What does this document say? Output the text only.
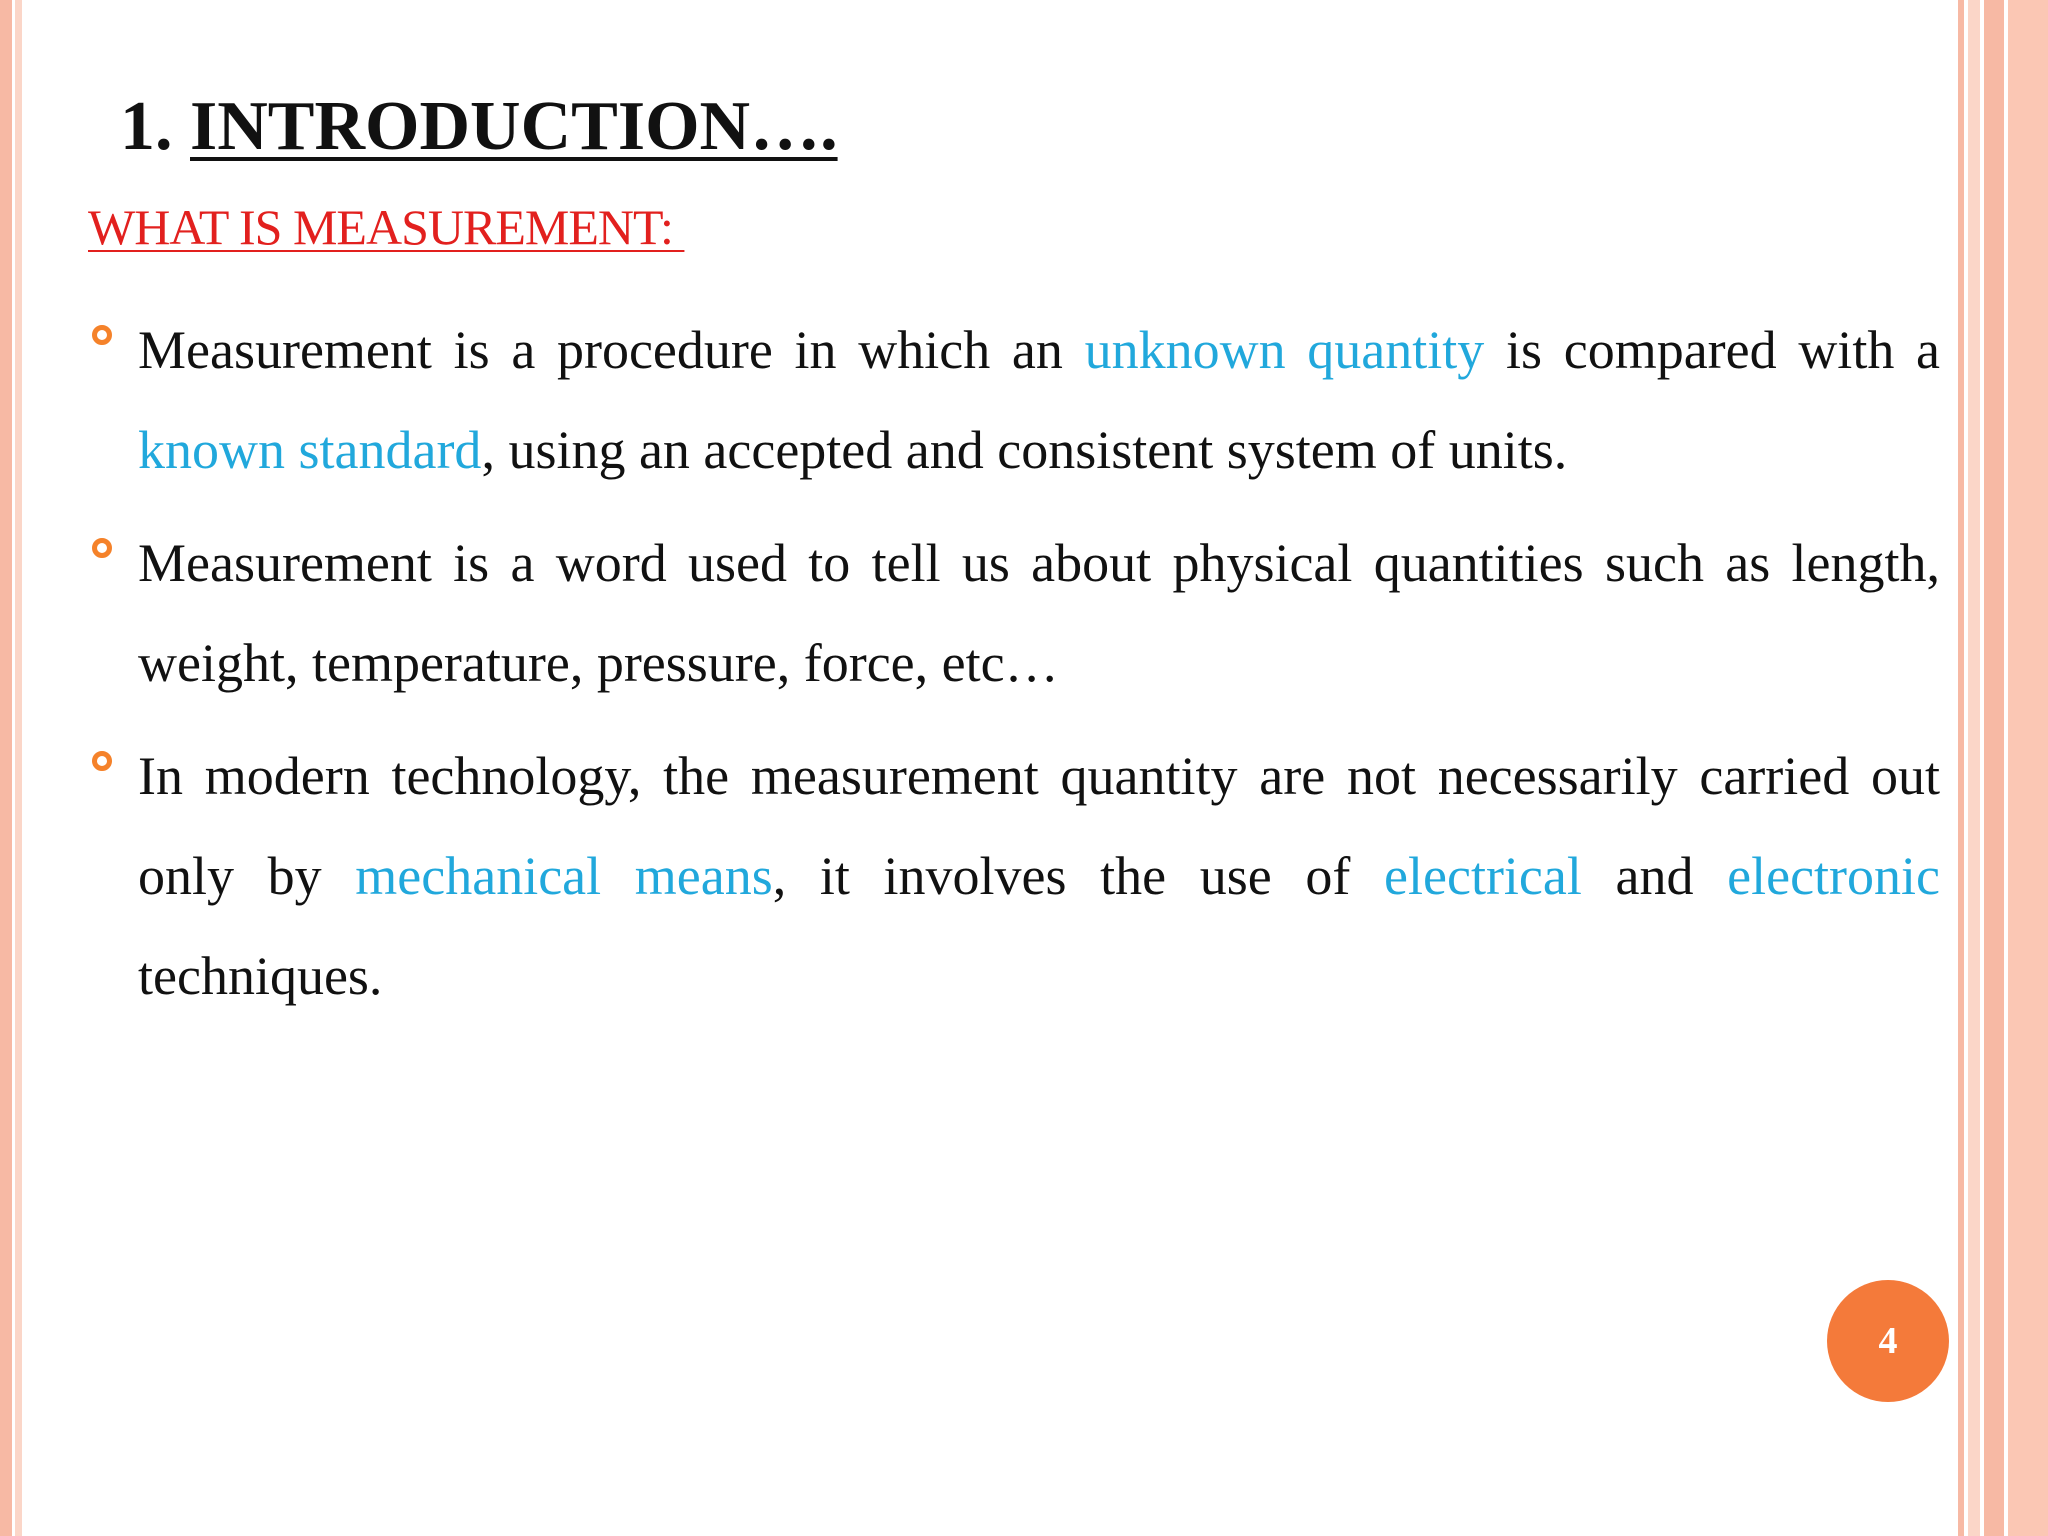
1. INTRODUCTION….
WHAT IS MEASUREMENT:
Measurement is a procedure in which an unknown quantity is compared with a known standard, using an accepted and consistent system of units.
Measurement is a word used to tell us about physical quantities such as length, weight, temperature, pressure, force, etc…
In modern technology, the measurement quantity are not necessarily carried out only by mechanical means, it involves the use of electrical and electronic techniques.
4
